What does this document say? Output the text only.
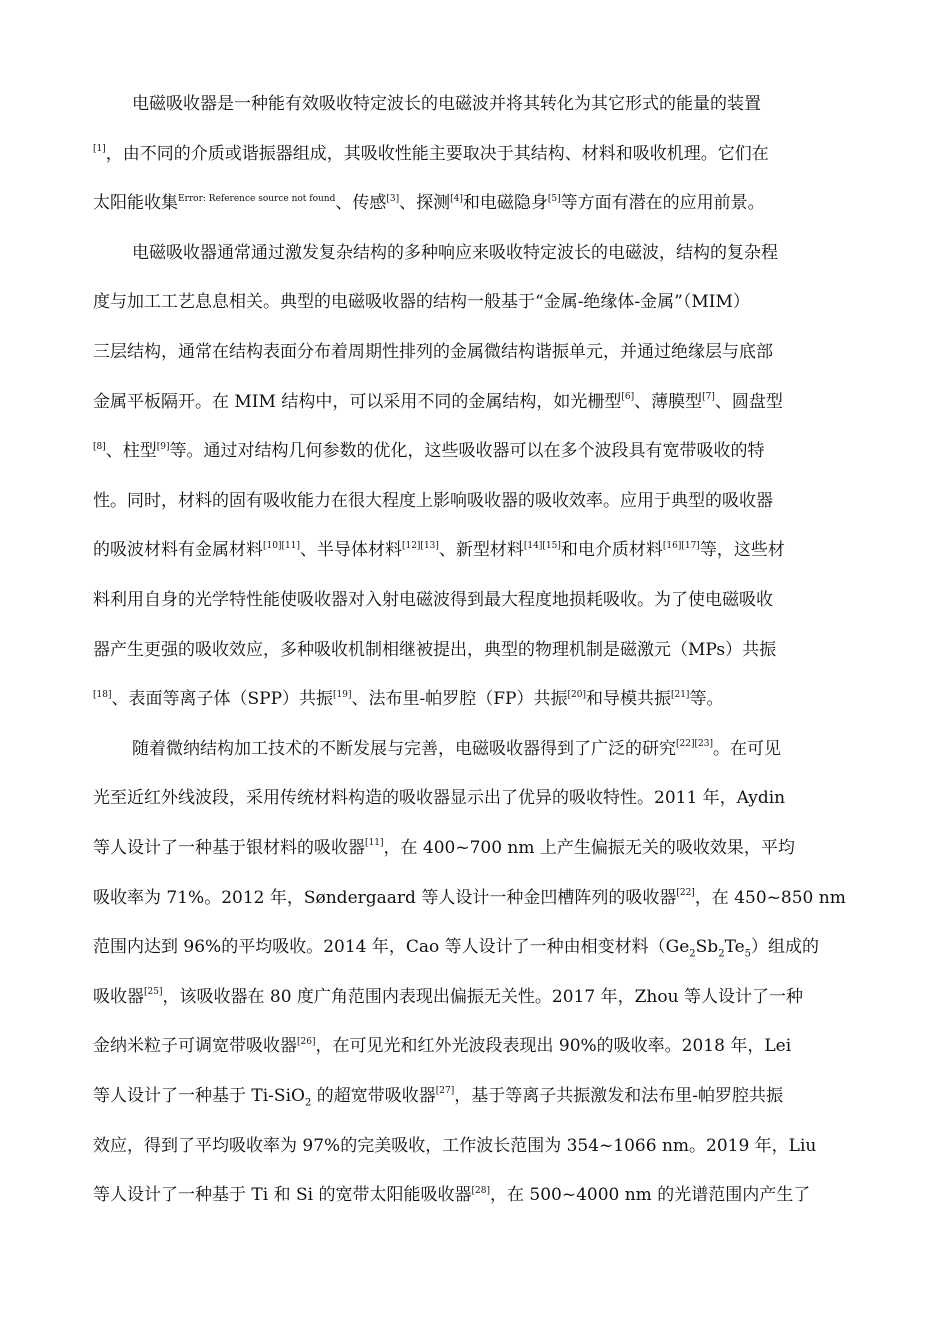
电磁吸收器是一种能有效吸收特定波长的电磁波并将其转化为其它形式的能量的装置
[1]，由不同的介质或谐振器组成，其吸收性能主要取决于其结构、材料和吸收机理。它们在
太阳能收集$^{Error: Reference source not found}$、传感[3]、探测[4]和电磁隐身[5]等方面有潜在的应用前景。
电磁吸收器通常通过激发复杂结构的多种响应来吸收特定波长的电磁波，结构的复杂程
度与加工工艺息息相关。典型的电磁吸收器的结构一般基于“金属-绝缘体-金属”（MIM）
三层结构，通常在结构表面分布着周期性排列的金属微结构谐振单元，并通过绝缘层与底部
金属平板隔开。在 MIM 结构中，可以采用不同的金属结构，如光栅型[6]、薄膜型[7]、圆盘型
[8]、柱型[9]等。通过对结构几何参数的优化，这些吸收器可以在多个波段具有宽带吸收的特
性。同时，材料的固有吸收能力在很大程度上影响吸收器的吸收效率。应用于典型的吸收器
的吸波材料有金属材料[10][11]、半导体材料[12][13]、新型材料[14][15]和电介质材料[16][17]等，这些材
料利用自身的光学特性能使吸收器对入射电磁波得到最大程度地损耗吸收。为了使电磁吸收
器产生更强的吸收效应，多种吸收机制相继被提出，典型的物理机制是磁激元（MPs）共振
[18]、表面等离子体（SPP）共振[19]、法布里-帕罗腔（FP）共振[20]和导模共振[21]等。
随着微纳结构加工技术的不断发展与完善，电磁吸收器得到了广泛的研究[22][23]。在可见
光至近红外线波段，采用传统材料构造的吸收器显示出了优异的吸收特性。2011 年，Aydin
等人设计了一种基于银材料的吸收器[11]，在 400~700 nm 上产生偏振无关的吸收效果，平均
吸收率为 71%。2012 年，Søndergaard 等人设计一种金凹槽阵列的吸收器[22]，在 450~850 nm
范围内达到 96%的平均吸收。2014 年，Cao 等人设计了一种由相变材料$(Ge_2Sb_2Te_5)$组成的
吸收器[25]，该吸收器在 80 度广角范围内表现出偏振无关性。2017 年，Zhou 等人设计了一种
金纳米粒子可调宽带吸收器[26]，在可见光和红外光波段表现出 90%的吸收率。2018 年，Lei
等人设计了一种基于 Ti-SiO$_2$ 的超宽带吸收器[27]，基于等离子共振激发和法布里-帕罗腔共振
效应，得到了平均吸收率为 97%的完美吸收，工作波长范围为 354~1066 nm。2019 年，Liu
等人设计了一种基于 Ti 和 Si 的宽带太阳能吸收器[28]，在 500~4000 nm 的光谱范围内产生了
